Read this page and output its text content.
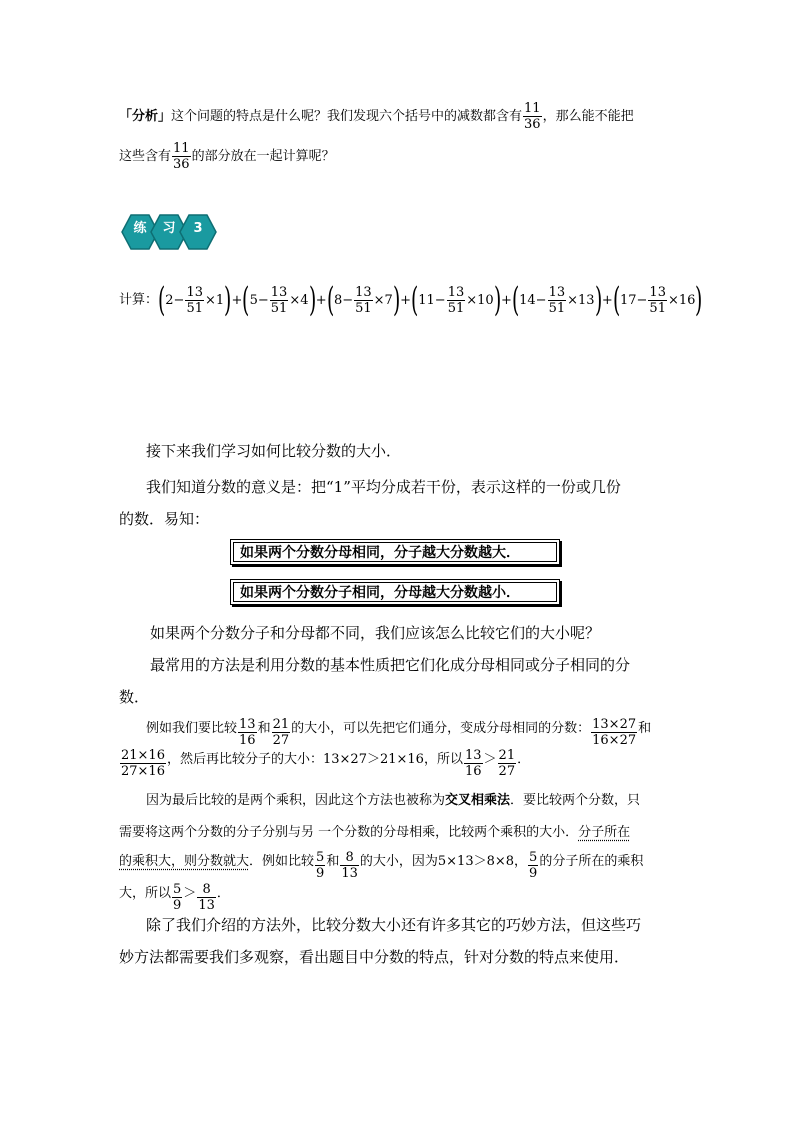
「分析」这个问题的特点是什么呢？我们发现六个括号中的减数都含有 $\frac{11}{36}$ ，那么能不能把
这些含有 $\frac{11}{36}$ 的部分放在一起计算呢？
练 习 3
计算：$(2- \frac{13}{51} \times 1)+(5- \frac{13}{51} \times 4)+(8- \frac{13}{51} \times 7)+(11- \frac{13}{51} \times 10)+(14- \frac{13}{51} \times 13)+(17- \frac{13}{51} \times 16)$
接下来我们学习如何比较分数的大小．
我们知道分数的意义是：把“1”平均分成若干份，表示这样的一份或几份
的数．易知：
如果两个分数分母相同，分子越大分数越大．
如果两个分数分子相同，分母越大分数越小．
如果两个分数分子和分母都不同，我们应该怎么比较它们的大小呢？
最常用的方法是利用分数的基本性质把它们化成分母相同或分子相同的分
数．
例如我们要比较 $\frac{13}{16}$ 和 $\frac{21}{27}$ 的大小，可以先把它们通分，变成分母相同的分数： $\frac{13\times 27}{16\times 27}$ 和
$\frac{21\times 16}{27\times 16}$ ，然后再比较分子的大小：13×27＞21×16，所以 $\frac{13}{16} > \frac{21}{27}$ ．
因为最后比较的是两个乘积，因此这个方法也被称为交叉相乘法．要比较两个分数，只
需要将这两个分数的分子分别与另 一个分数的分母相乘，比较两个乘积的大小．分子所在
的乘积大，则分数就大．例如比较 $\frac{5}{9}$ 和 $\frac{8}{13}$ 的大小，因为5×13＞8×8， $\frac{5}{9}$ 的分子所在的乘积
大，所以 $\frac{5}{9} > \frac{8}{13}$ ．
除了我们介绍的方法外，比较分数大小还有许多其它的巧妙方法，但这些巧
妙方法都需要我们多观察，看出题目中分数的特点，针对分数的特点来使用．
